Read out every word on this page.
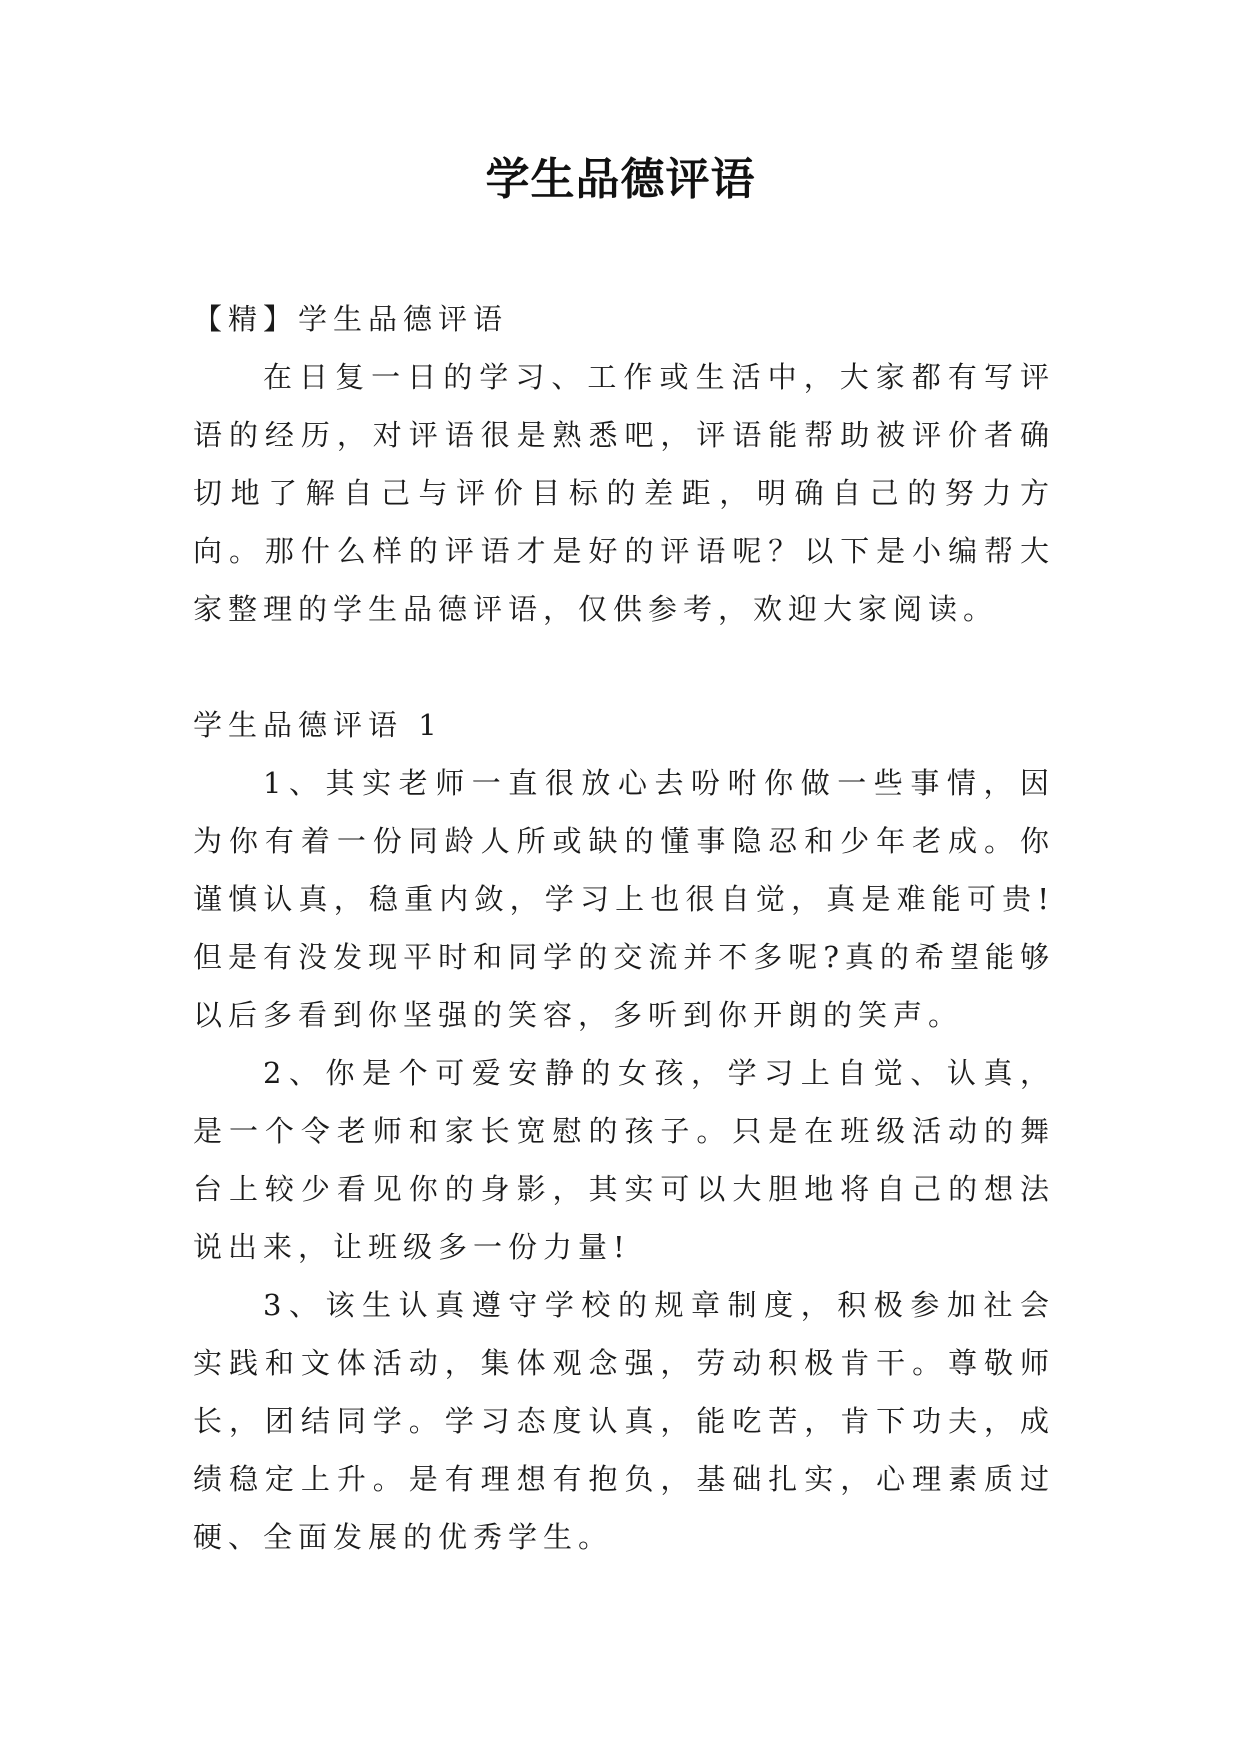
学生品德评语

【精】学生品德评语

在日复一日的学习、工作或生活中，大家都有写评语的经历，对评语很是熟悉吧，评语能帮助被评价者确切地了解自己与评价目标的差距，明确自己的努力方向。那什么样的评语才是好的评语呢？以下是小编帮大家整理的学生品德评语，仅供参考，欢迎大家阅读。

学生品德评语 1

1、其实老师一直很放心去吩咐你做一些事情，因为你有着一份同龄人所或缺的懂事隐忍和少年老成。你谨慎认真，稳重内敛，学习上也很自觉，真是难能可贵!但是有没发现平时和同学的交流并不多呢?真的希望能够以后多看到你坚强的笑容，多听到你开朗的笑声。

2、你是个可爱安静的女孩，学习上自觉、认真，是一个令老师和家长宽慰的孩子。只是在班级活动的舞台上较少看见你的身影，其实可以大胆地将自己的想法说出来，让班级多一份力量!

3、该生认真遵守学校的规章制度，积极参加社会实践和文体活动，集体观念强，劳动积极肯干。尊敬师长，团结同学。学习态度认真，能吃苦，肯下功夫，成绩稳定上升。是有理想有抱负，基础扎实，心理素质过硬、全面发展的优秀学生。
